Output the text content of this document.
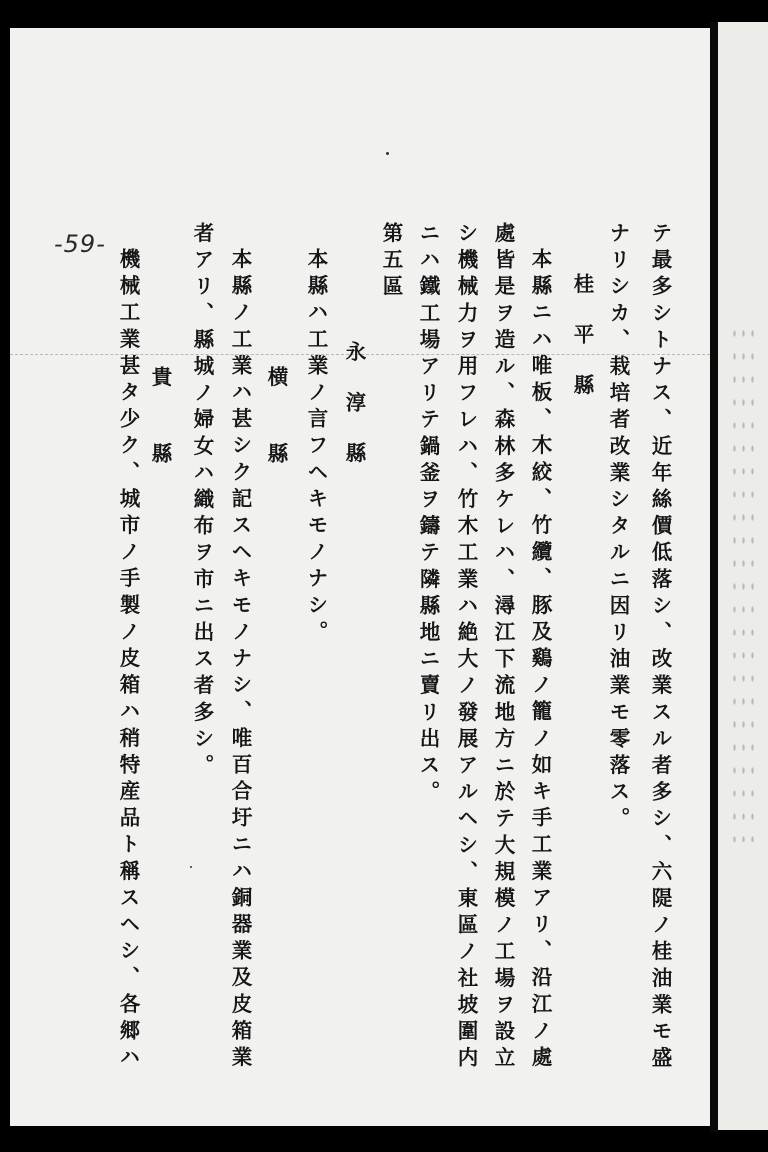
-59-	テ最多シトナス、近年絲價低落シ、改業スル者多シ、六隄ノ桂油業モ盛
ナリシカ、栽培者改業シタルニ因リ油業モ零落ス。
桂平縣
本縣ニハ唯板、木絞、竹纜、豚及鷄ノ籠ノ如キ手工業アリ、沿江ノ處
處皆是ヲ造ル、森林多ケレハ、潯江下流地方ニ於テ大規模ノ工場ヲ設立
シ機械力ヲ用フレハ、竹木工業ハ絶大ノ發展アルヘシ、東區ノ社坡圍内
ニハ鐵工場アリテ鍋釜ヲ鑄テ隣縣地ニ賣リ出ス。
第五區
永淳縣
本縣ハ工業ノ言フヘキモノナシ。
横縣
本縣ノ工業ハ甚シク記スヘキモノナシ、唯百合圩ニハ銅器業及皮箱業
者アリ、縣城ノ婦女ハ織布ヲ市ニ出ス者多シ。
貴縣
機械工業甚タ少ク、城市ノ手製ノ皮箱ハ稍特産品ト稱スヘシ、各郷ハ
